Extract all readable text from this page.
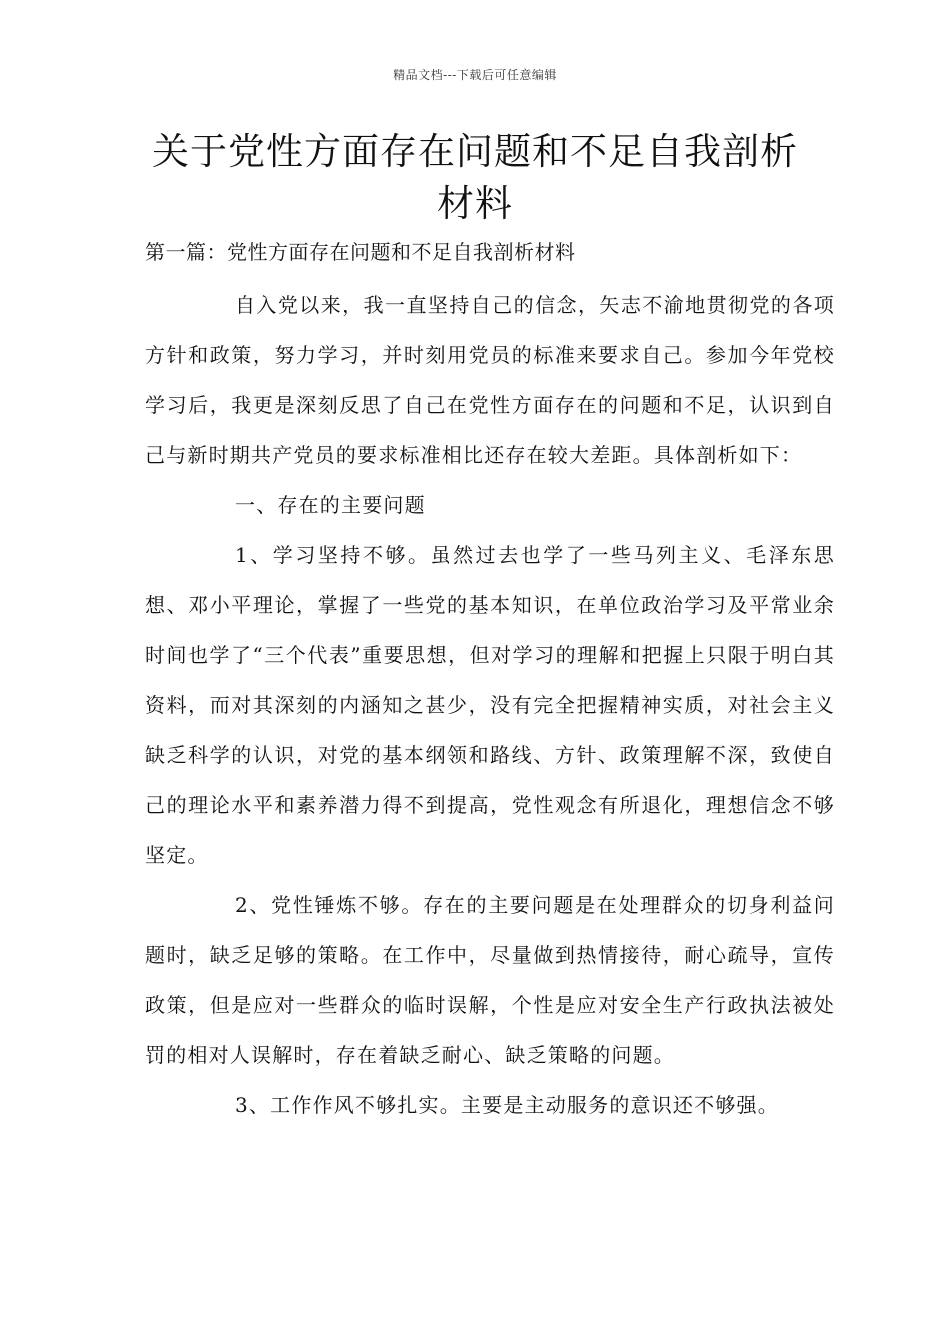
精品文档---下载后可任意编辑
关于党性方面存在问题和不足自我剖析
材料
第一篇：党性方面存在问题和不足自我剖析材料

自入党以来，我一直坚持自己的信念，矢志不渝地贯彻党的各项方针和政策，努力学习，并时刻用党员的标准来要求自己。参加今年党校学习后，我更是深刻反思了自己在党性方面存在的问题和不足，认识到自己与新时期共产党员的要求标准相比还存在较大差距。具体剖析如下：

一、存在的主要问题

1、学习坚持不够。虽然过去也学了一些马列主义、毛泽东思想、邓小平理论，掌握了一些党的基本知识，在单位政治学习及平常业余时间也学了“三个代表”重要思想，但对学习的理解和把握上只限于明白其资料，而对其深刻的内涵知之甚少，没有完全把握精神实质，对社会主义缺乏科学的认识，对党的基本纲领和路线、方针、政策理解不深，致使自己的理论水平和素养潜力得不到提高，党性观念有所退化，理想信念不够坚定。

2、党性锤炼不够。存在的主要问题是在处理群众的切身利益问题时，缺乏足够的策略。在工作中，尽量做到热情接待，耐心疏导，宣传政策，但是应对一些群众的临时误解，个性是应对安全生产行政执法被处罚的相对人误解时，存在着缺乏耐心、缺乏策略的问题。

3、工作作风不够扎实。主要是主动服务的意识还不够强。
